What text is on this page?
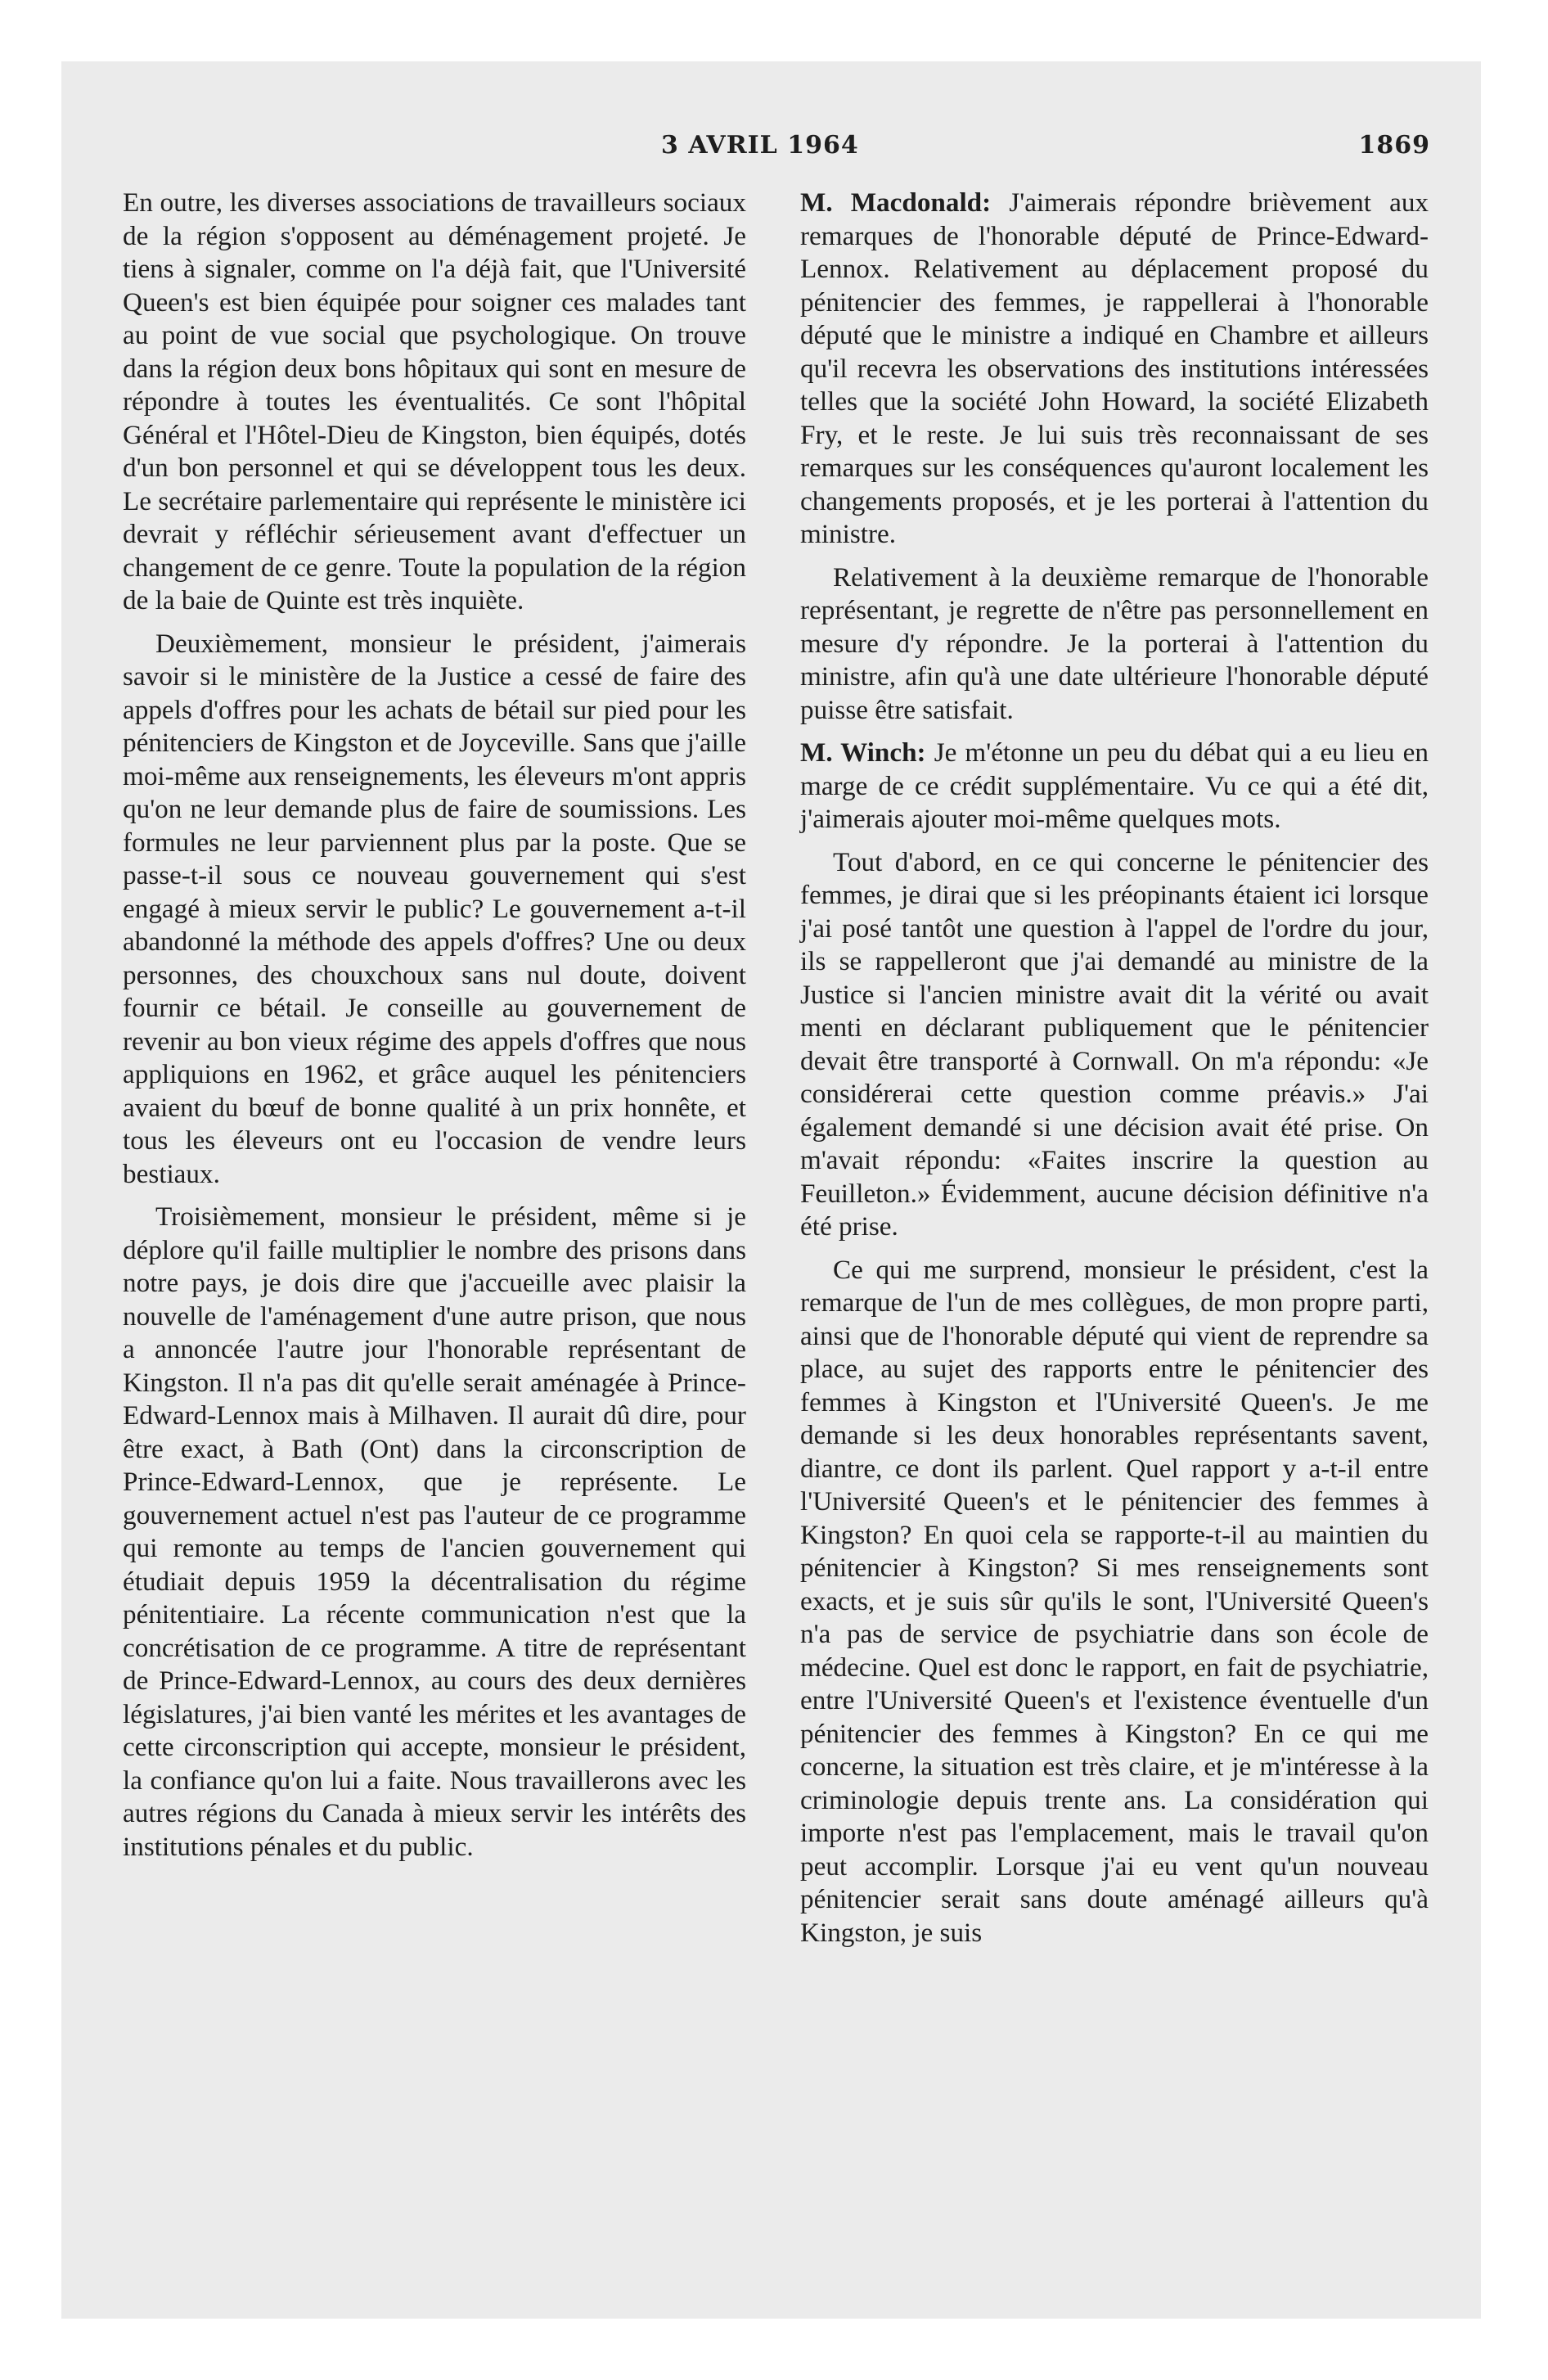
3 AVRIL 1964	1869

En outre, les diverses associations de travailleurs sociaux de la région s'opposent au déménagement projeté. Je tiens à signaler, comme on l'a déjà fait, que l'Université Queen's est bien équipée pour soigner ces malades tant au point de vue social que psychologique. On trouve dans la région deux bons hôpitaux qui sont en mesure de répondre à toutes les éventualités. Ce sont l'hôpital Général et l'Hôtel-Dieu de Kingston, bien équipés, dotés d'un bon personnel et qui se développent tous les deux. Le secrétaire parlementaire qui représente le ministère ici devrait y réfléchir sérieusement avant d'effectuer un changement de ce genre. Toute la population de la région de la baie de Quinte est très inquiète.

Deuxièmement, monsieur le président, j'aimerais savoir si le ministère de la Justice a cessé de faire des appels d'offres pour les achats de bétail sur pied pour les pénitenciers de Kingston et de Joyceville. Sans que j'aille moi-même aux renseignements, les éleveurs m'ont appris qu'on ne leur demande plus de faire de soumissions. Les formules ne leur parviennent plus par la poste. Que se passe-t-il sous ce nouveau gouvernement qui s'est engagé à mieux servir le public? Le gouvernement a-t-il abandonné la méthode des appels d'offres? Une ou deux personnes, des chouxchoux sans nul doute, doivent fournir ce bétail. Je conseille au gouvernement de revenir au bon vieux régime des appels d'offres que nous appliquions en 1962, et grâce auquel les pénitenciers avaient du bœuf de bonne qualité à un prix honnête, et tous les éleveurs ont eu l'occasion de vendre leurs bestiaux.

Troisièmement, monsieur le président, même si je déplore qu'il faille multiplier le nombre des prisons dans notre pays, je dois dire que j'accueille avec plaisir la nouvelle de l'aménagement d'une autre prison, que nous a annoncée l'autre jour l'honorable représentant de Kingston. Il n'a pas dit qu'elle serait aménagée à Prince-Edward-Lennox mais à Milhaven. Il aurait dû dire, pour être exact, à Bath (Ont) dans la circonscription de Prince-Edward-Lennox, que je représente. Le gouvernement actuel n'est pas l'auteur de ce programme qui remonte au temps de l'ancien gouvernement qui étudiait depuis 1959 la décentralisation du régime pénitentiaire. La récente communication n'est que la concrétisation de ce programme. A titre de représentant de Prince-Edward-Lennox, au cours des deux dernières législatures, j'ai bien vanté les mérites et les avantages de cette circonscription qui accepte, monsieur le président, la confiance qu'on lui a faite. Nous travaillerons avec les autres régions du Canada à mieux servir les intérêts des institutions pénales et du public.

M. Macdonald: J'aimerais répondre brièvement aux remarques de l'honorable député de Prince-Edward-Lennox. Relativement au déplacement proposé du pénitencier des femmes, je rappellerai à l'honorable député que le ministre a indiqué en Chambre et ailleurs qu'il recevra les observations des institutions intéressées telles que la société John Howard, la société Elizabeth Fry, et le reste. Je lui suis très reconnaissant de ses remarques sur les conséquences qu'auront localement les changements proposés, et je les porterai à l'attention du ministre.

Relativement à la deuxième remarque de l'honorable représentant, je regrette de n'être pas personnellement en mesure d'y répondre. Je la porterai à l'attention du ministre, afin qu'à une date ultérieure l'honorable député puisse être satisfait.

M. Winch: Je m'étonne un peu du débat qui a eu lieu en marge de ce crédit supplémentaire. Vu ce qui a été dit, j'aimerais ajouter moi-même quelques mots.

Tout d'abord, en ce qui concerne le pénitencier des femmes, je dirai que si les préopinants étaient ici lorsque j'ai posé tantôt une question à l'appel de l'ordre du jour, ils se rappelleront que j'ai demandé au ministre de la Justice si l'ancien ministre avait dit la vérité ou avait menti en déclarant publiquement que le pénitencier devait être transporté à Cornwall. On m'a répondu: «Je considérerai cette question comme préavis.» J'ai également demandé si une décision avait été prise. On m'avait répondu: «Faites inscrire la question au Feuilleton.» Évidemment, aucune décision définitive n'a été prise.

Ce qui me surprend, monsieur le président, c'est la remarque de l'un de mes collègues, de mon propre parti, ainsi que de l'honorable député qui vient de reprendre sa place, au sujet des rapports entre le pénitencier des femmes à Kingston et l'Université Queen's. Je me demande si les deux honorables représentants savent, diantre, ce dont ils parlent. Quel rapport y a-t-il entre l'Université Queen's et le pénitencier des femmes à Kingston? En quoi cela se rapporte-t-il au maintien du pénitencier à Kingston? Si mes renseignements sont exacts, et je suis sûr qu'ils le sont, l'Université Queen's n'a pas de service de psychiatrie dans son école de médecine. Quel est donc le rapport, en fait de psychiatrie, entre l'Université Queen's et l'existence éventuelle d'un pénitencier des femmes à Kingston? En ce qui me concerne, la situation est très claire, et je m'intéresse à la criminologie depuis trente ans. La considération qui importe n'est pas l'emplacement, mais le travail qu'on peut accomplir. Lorsque j'ai eu vent qu'un nouveau pénitencier serait sans doute aménagé ailleurs qu'à Kingston, je suis
